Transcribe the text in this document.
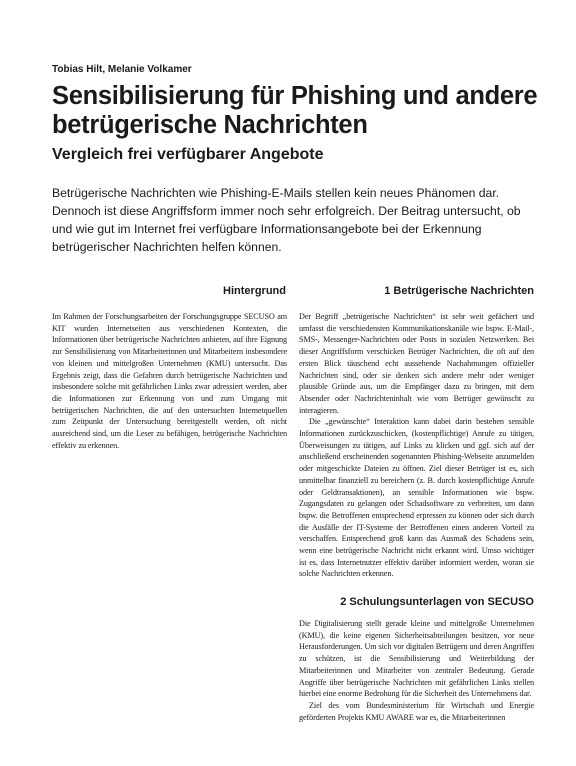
Tobias Hilt, Melanie Volkamer
Sensibilisierung für Phishing und andere betrügerische Nachrichten
Vergleich frei verfügbarer Angebote
Betrügerische Nachrichten wie Phishing-E-Mails stellen kein neues Phänomen dar. Dennoch ist diese Angriffsform immer noch sehr erfolgreich. Der Beitrag untersucht, ob und wie gut im Internet frei verfügbare Informationsangebote bei der Erkennung betrügerischer Nachrichten helfen können.
Hintergrund

Im Rahmen der Forschungsarbeiten der Forschungsgruppe SECUSO am KIT wurden Internetseiten aus verschiedenen Kontexten, die Informationen über betrügerische Nachrichten anbieten, auf ihre Eignung zur Sensibilisierung von Mitarbeiterinnen und Mitarbeitern insbesondere von kleinen und mittelgroßen Unternehmen (KMU) untersucht. Das Ergebnis zeigt, dass die Gefahren durch betrügerische Nachrichten und insbesondere solche mit gefährlichen Links zwar adressiert werden, aber die Informationen zur Erkennung von und zum Umgang mit betrügerischen Nachrichten, die auf den untersuchten Internetquellen zum Zeitpunkt der Untersuchung bereitgestellt werden, oft nicht ausreichend sind, um die Leser zu befähigen, betrügerische Nachrichten effektiv zu erkennen.

1 Betrügerische Nachrichten

Der Begriff „betrügerische Nachrichten“ ist sehr weit gefächert und umfasst die verschiedensten Kommunikationskanäle wie bspw. E-Mail-, SMS-, Messenger-Nachrichten oder Posts in sozialen Netzwerken. Bei dieser Angriffsform verschicken Betrüger Nachrichten, die oft auf den ersten Blick täuschend echt aussehende Nachahmungen offizieller Nachrichten sind, oder sie denken sich andere mehr oder weniger plausible Gründe aus, um die Empfänger dazu zu bringen, mit dem Absender oder Nachrichteninhalt wie vom Betrüger gewünscht zu interagieren.

Die „gewünschte“ Interaktion kann dabei darin bestehen sensible Informationen zurückzuschicken, (kostenpflichtige) Anrufe zu tätigen, Überweisungen zu tätigen, auf Links zu klicken und ggf. sich auf der anschließend erscheinenden sogenannten Phishing-Webseite anzumelden oder mitgeschickte Dateien zu öffnen. Ziel dieser Betrüger ist es, sich unmittelbar finanziell zu bereichern (z. B. durch kostenpflichtige Anrufe oder Geldtransaktionen), an sensible Informationen wie bspw. Zugangsdaten zu gelangen oder Schadsoftware zu verbreiten, um dann bspw. die Betroffenen entsprechend erpressen zu können oder sich durch die Ausfälle der IT-Systeme der Betroffenen einen anderen Vorteil zu verschaffen. Entsprechend groß kann das Ausmaß des Schadens sein, wenn eine betrügerische Nachricht nicht erkannt wird. Umso wichtiger ist es, dass Internetnutzer effektiv darüber informiert werden, woran sie solche Nachrichten erkennen.

2 Schulungsunterlagen von SECUSO

Die Digitalisierung stellt gerade kleine und mittelgroße Unternehmen (KMU), die keine eigenen Sicherheitsabteilungen besitzen, vor neue Herausforderungen. Um sich vor digitalen Betrügern und deren Angriffen zu schützen, ist die Sensibilisierung und Weiterbildung der Mitarbeiterinnen und Mitarbeiter von zentraler Bedeutung. Gerade Angriffe über betrügerische Nachrichten mit gefährlichen Links stellen hierbei eine enorme Bedrohung für die Sicherheit des Unternehmens dar.

Ziel des vom Bundesministerium für Wirtschaft und Energie geförderten Projekts KMU AWARE war es, die Mitarbeiterinnen
